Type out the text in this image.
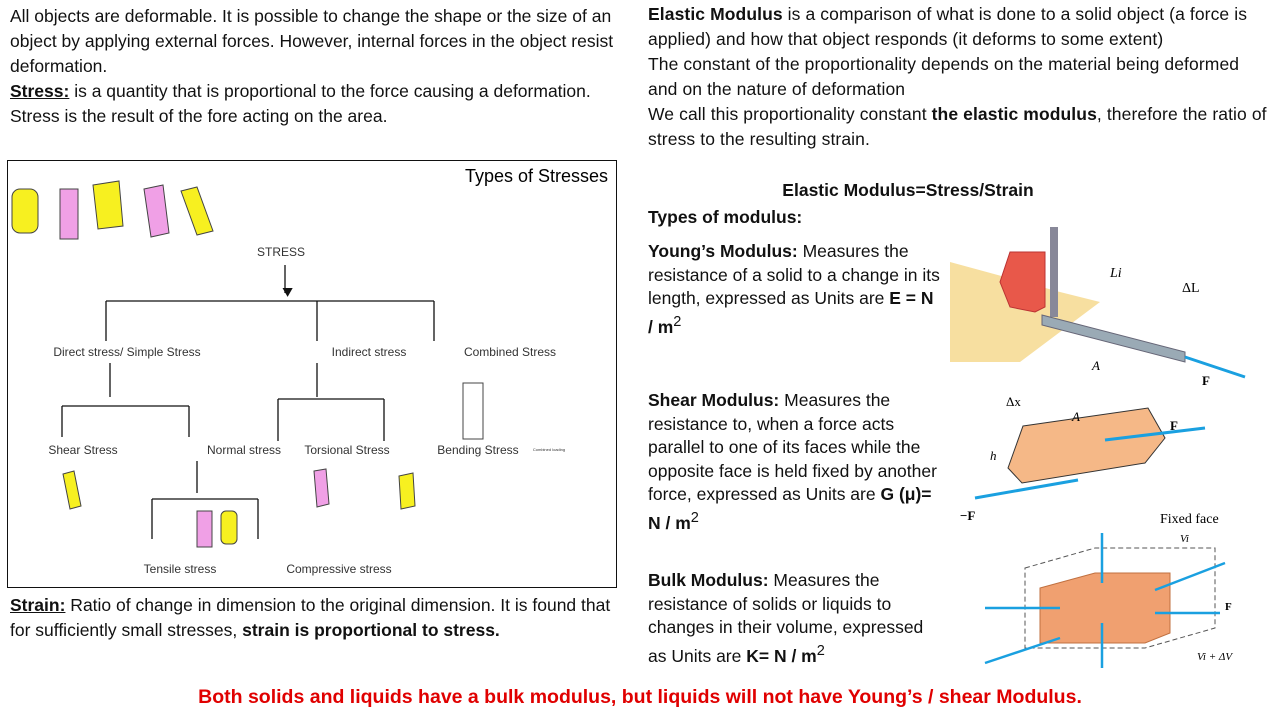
All objects are deformable. It is possible to change the shape or the size of an object by applying external forces. However, internal forces in the object resist deformation.
Stress: is a quantity that is proportional to the force causing a deformation. Stress is the result of the fore acting on the area.
Elastic Modulus is a comparison of what is done to a solid object (a force is applied) and how that object responds (it deforms to some extent)
The constant of the proportionality depends on the material being deformed and on the nature of deformation
We call this proportionality constant the elastic modulus, therefore the ratio of stress to the resulting strain.
Elastic Modulus=Stress/Strain
Types of modulus:
Young’s Modulus: Measures the resistance of a solid to a change in its length, expressed as Units are $E = N / m^2$
Shear Modulus: Measures the resistance to, when a force acts parallel to one of its faces while the opposite face is held fixed by another force, expressed as Units are G $(\mu)= N / m^2$
Bulk Modulus: Measures the resistance of solids or liquids to changes in their volume, expressed as Units are $K= N / m^2$
Types of Stresses
STRESS
Direct stress/ Simple Stress	Indirect stress	Combined Stress
Shear Stress	Normal stress Torsional Stress	Bending Stress
Tensile stress	Compressive stress
Combined loading
Li
ΔL
A
F
Δx
A
h
F
−F	Fixed face
Vi
F
Vi + ΔV
Strain: Ratio of change in dimension to the original dimension. It is found that for sufficiently small stresses, strain is proportional to stress.
Both solids and liquids have a bulk modulus, but liquids will not have Young’s / shear Modulus.
